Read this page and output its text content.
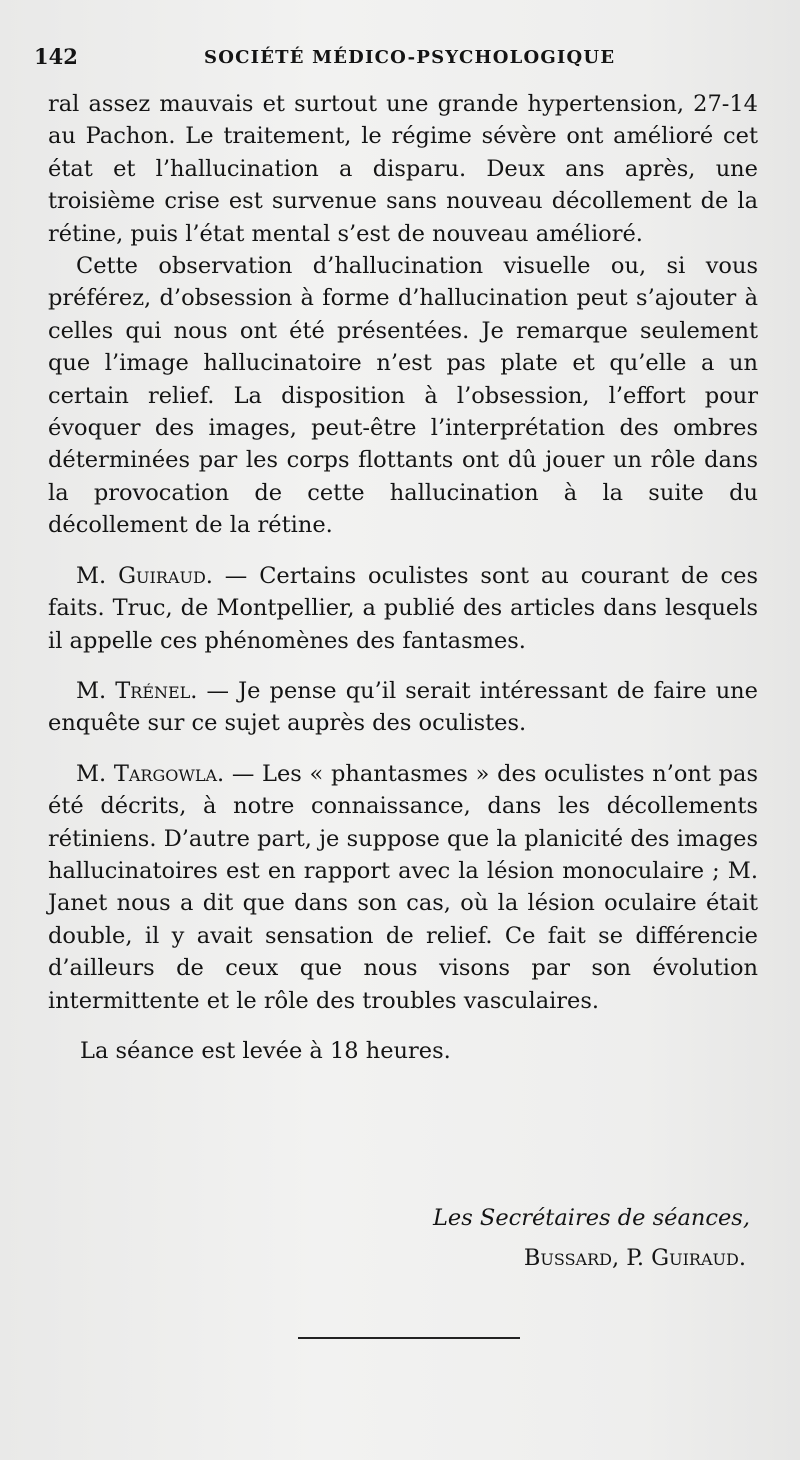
142	SOCIÉTÉ MÉDICO-PSYCHOLOGIQUE

ral assez mauvais et surtout une grande hypertension, 27-14 au Pachon. Le traitement, le régime sévère ont amélioré cet état et l’hallucination a disparu. Deux ans après, une troisième crise est survenue sans nouveau décollement de la rétine, puis l’état mental s’est de nouveau amélioré.

Cette observation d’hallucination visuelle ou, si vous préférez, d’obsession à forme d’hallucination peut s’ajouter à celles qui nous ont été présentées. Je remarque seulement que l’image hallucinatoire n’est pas plate et qu’elle a un certain relief. La disposition à l’obsession, l’effort pour évoquer des images, peut-être l’interprétation des ombres déterminées par les corps flottants ont dû jouer un rôle dans la provocation de cette hallucination à la suite du décollement de la rétine.

M. Guiraud. — Certains oculistes sont au courant de ces faits. Truc, de Montpellier, a publié des articles dans lesquels il appelle ces phénomènes des fantasmes.

M. Trénel. — Je pense qu’il serait intéressant de faire une enquête sur ce sujet auprès des oculistes.

M. Targowla. — Les « phantasmes » des oculistes n’ont pas été décrits, à notre connaissance, dans les décollements rétiniens. D’autre part, je suppose que la planicité des images hallucinatoires est en rapport avec la lésion monoculaire ; M. Janet nous a dit que dans son cas, où la lésion oculaire était double, il y avait sensation de relief. Ce fait se différencie d’ailleurs de ceux que nous visons par son évolution intermittente et le rôle des troubles vasculaires.

La séance est levée à 18 heures.

Les Secrétaires de séances,
Bussard, P. Guiraud.
